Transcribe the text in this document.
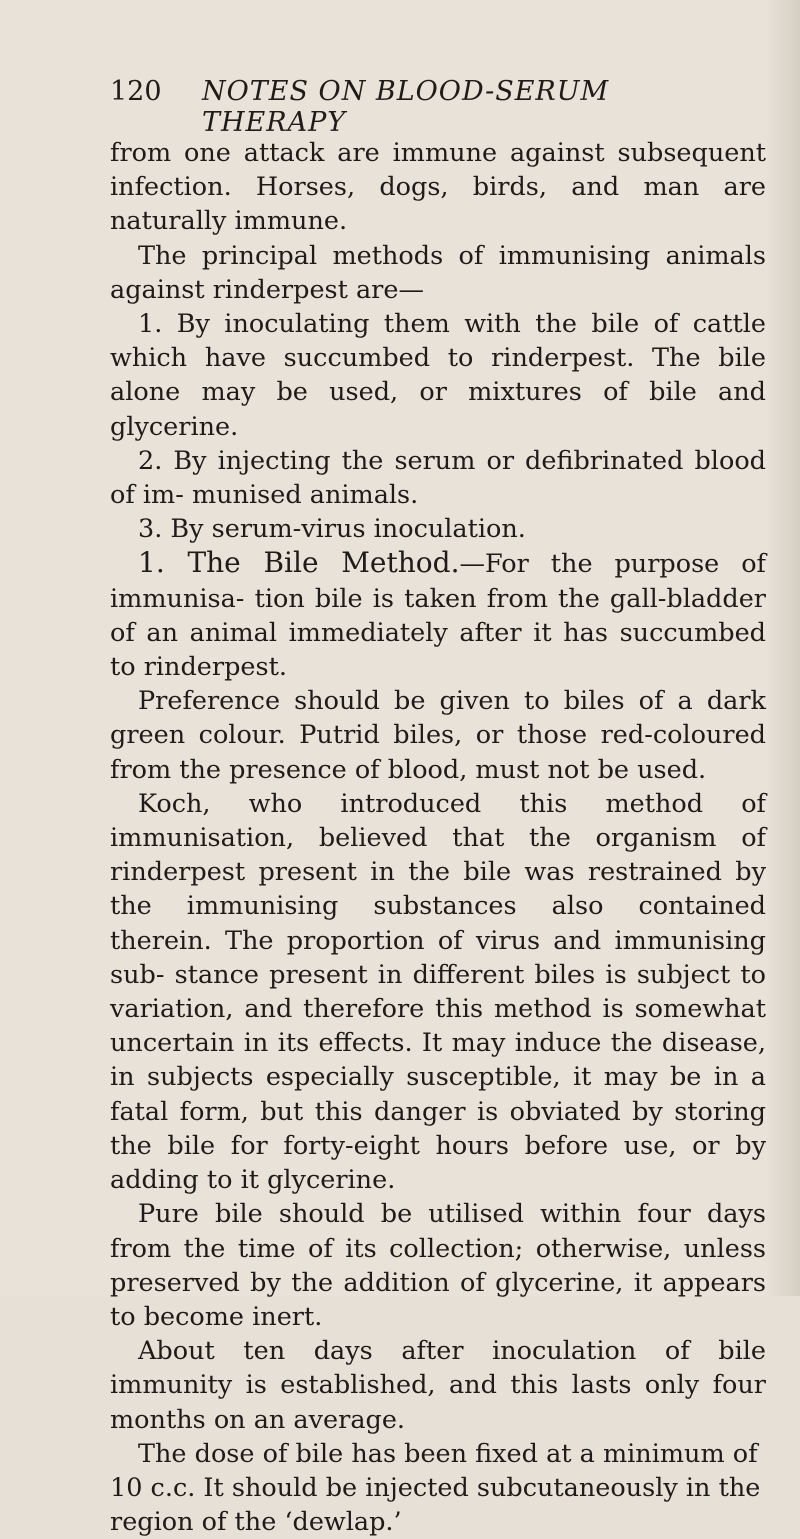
120 NOTES ON BLOOD-SERUM THERAPY

from one attack are immune against subsequent infection. Horses, dogs, birds, and man are naturally immune.

The principal methods of immunising animals against rinderpest are—

1. By inoculating them with the bile of cattle which have succumbed to rinderpest. The bile alone may be used, or mixtures of bile and glycerine.

2. By injecting the serum or defibrinated blood of im- munised animals.

3. By serum-virus inoculation.

1. The Bile Method.—For the purpose of immunisa- tion bile is taken from the gall-bladder of an animal immediately after it has succumbed to rinderpest.

Preference should be given to biles of a dark green colour. Putrid biles, or those red-coloured from the presence of blood, must not be used.

Koch, who introduced this method of immunisation, believed that the organism of rinderpest present in the bile was restrained by the immunising substances also contained therein. The proportion of virus and immunising sub- stance present in different biles is subject to variation, and therefore this method is somewhat uncertain in its effects. It may induce the disease, in subjects especially susceptible, it may be in a fatal form, but this danger is obviated by storing the bile for forty-eight hours before use, or by adding to it glycerine.

Pure bile should be utilised within four days from the time of its collection; otherwise, unless preserved by the addition of glycerine, it appears to become inert.

About ten days after inoculation of bile immunity is established, and this lasts only four months on an average.

The dose of bile has been fixed at a minimum of 10 c.c. It should be injected subcutaneously in the region of the ‘dewlap.’
